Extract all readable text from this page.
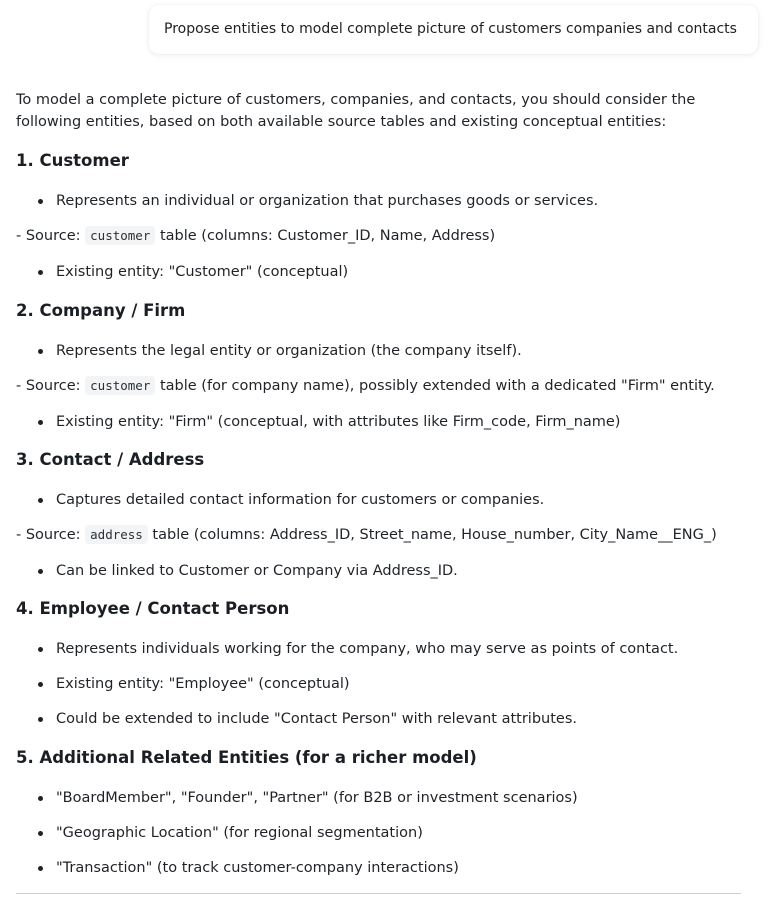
Propose entities to model complete picture of customers companies and contacts

To model a complete picture of customers, companies, and contacts, you should consider the following entities, based on both available source tables and existing conceptual entities:

1. Customer
Represents an individual or organization that purchases goods or services.

- Source: customer table (columns: Customer_ID, Name, Address)

Existing entity: "Customer" (conceptual)
2. Company / Firm
Represents the legal entity or organization (the company itself).

- Source: customer table (for company name), possibly extended with a dedicated "Firm" entity.

Existing entity: "Firm" (conceptual, with attributes like Firm_code, Firm_name)
3. Contact / Address
Captures detailed contact information for customers or companies.

- Source: address table (columns: Address_ID, Street_name, House_number, City_Name__ENG_)

Can be linked to Customer or Company via Address_ID.
4. Employee / Contact Person
Represents individuals working for the company, who may serve as points of contact.
Existing entity: "Employee" (conceptual)
Could be extended to include "Contact Person" with relevant attributes.
5. Additional Related Entities (for a richer model)
"BoardMember", "Founder", "Partner" (for B2B or investment scenarios)
"Geographic Location" (for regional segmentation)
"Transaction" (to track customer-company interactions)
